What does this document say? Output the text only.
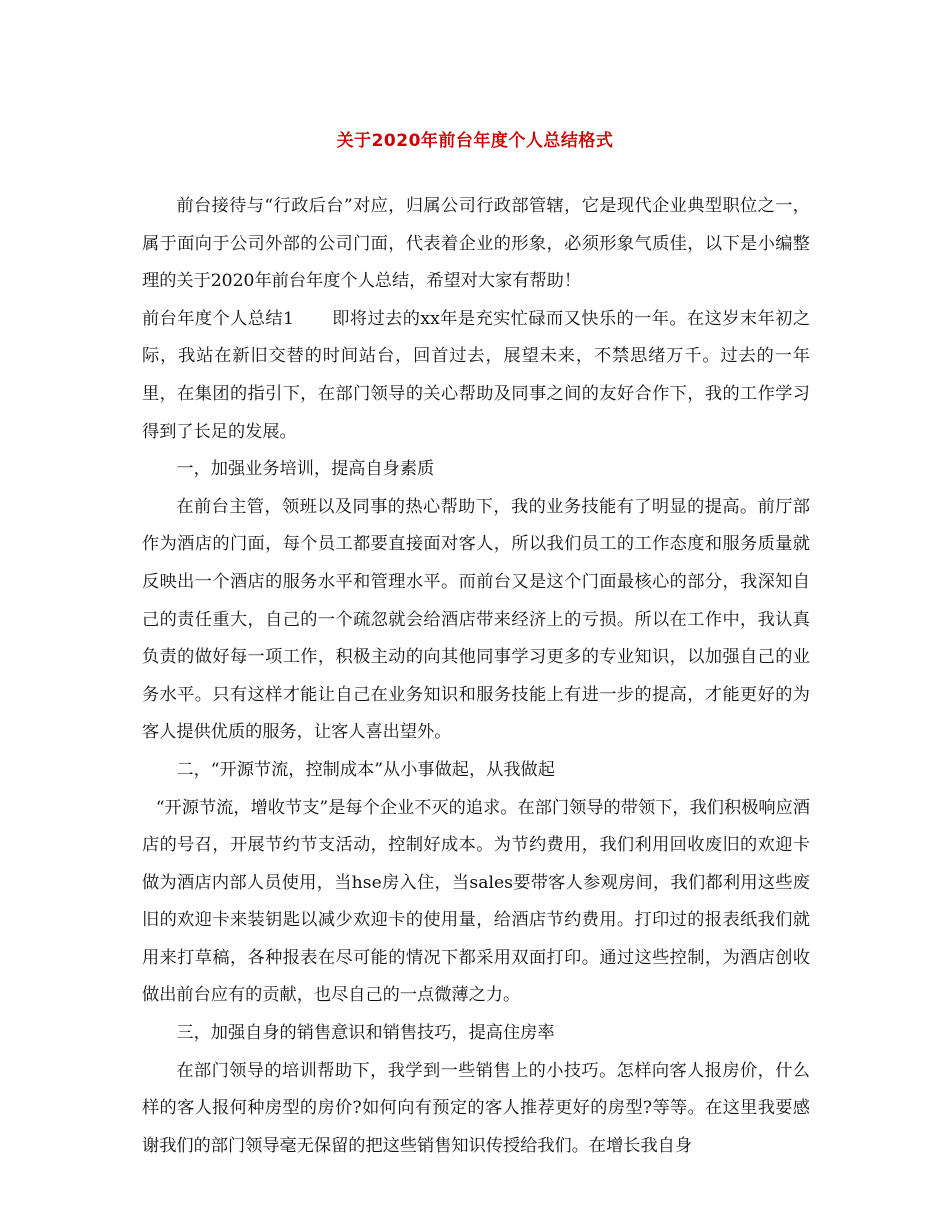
关于2020年前台年度个人总结格式

前台接待与“行政后台”对应，归属公司行政部管辖，它是现代企业典型职位之一，属于面向于公司外部的公司门面，代表着企业的形象，必须形象气质佳，以下是小编整理的关于2020年前台年度个人总结，希望对大家有帮助！

前台年度个人总结1 即将过去的xx年是充实忙碌而又快乐的一年。在这岁末年初之际，我站在新旧交替的时间站台，回首过去，展望未来，不禁思绪万千。过去的一年里，在集团的指引下，在部门领导的关心帮助及同事之间的友好合作下，我的工作学习得到了长足的发展。

一，加强业务培训，提高自身素质

在前台主管，领班以及同事的热心帮助下，我的业务技能有了明显的提高。前厅部作为酒店的门面，每个员工都要直接面对客人，所以我们员工的工作态度和服务质量就反映出一个酒店的服务水平和管理水平。而前台又是这个门面最核心的部分，我深知自己的责任重大，自己的一个疏忽就会给酒店带来经济上的亏损。所以在工作中，我认真负责的做好每一项工作，积极主动的向其他同事学习更多的专业知识，以加强自己的业务水平。只有这样才能让自己在业务知识和服务技能上有进一步的提高，才能更好的为客人提供优质的服务，让客人喜出望外。

二，“开源节流，控制成本”从小事做起，从我做起

“开源节流，增收节支”是每个企业不灭的追求。在部门领导的带领下，我们积极响应酒店的号召，开展节约节支活动，控制好成本。为节约费用，我们利用回收废旧的欢迎卡做为酒店内部人员使用，当hse房入住，当sales要带客人参观房间，我们都利用这些废旧的欢迎卡来装钥匙以减少欢迎卡的使用量，给酒店节约费用。打印过的报表纸我们就用来打草稿，各种报表在尽可能的情况下都采用双面打印。通过这些控制，为酒店创收做出前台应有的贡献，也尽自己的一点微薄之力。

三，加强自身的销售意识和销售技巧，提高住房率

在部门领导的培训帮助下，我学到一些销售上的小技巧。怎样向客人报房价，什么样的客人报何种房型的房价?如何向有预定的客人推荐更好的房型?等等。在这里我要感谢我们的部门领导毫无保留的把这些销售知识传授给我们。在增长我自身
